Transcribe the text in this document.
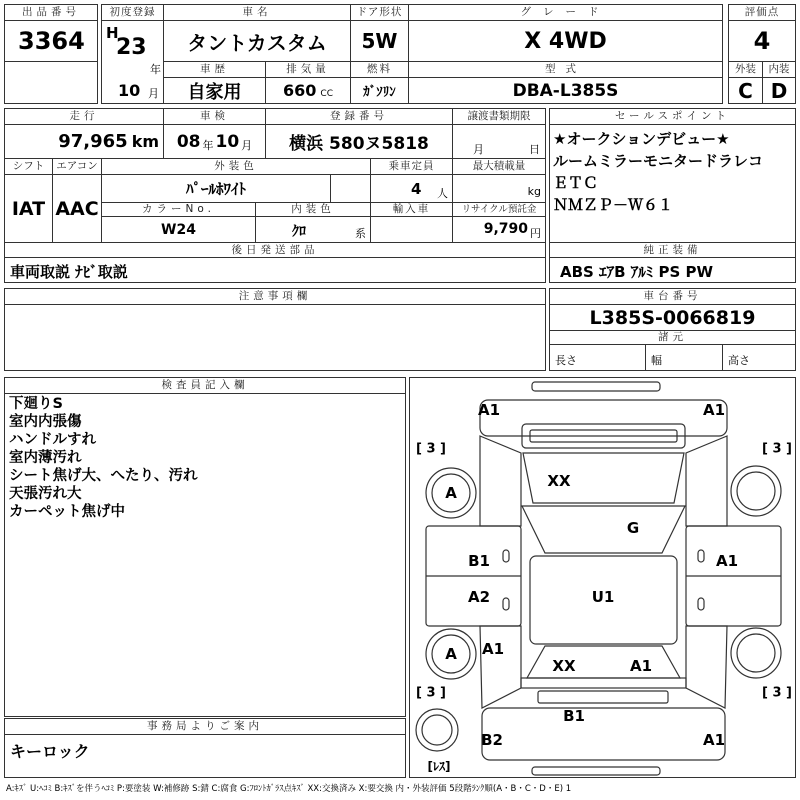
出品番号
3364
初度登録
H
23
年
10 月
車名
タントカスタム
ドア形状
5W
グレード
X 4WD
評価点
4
車歴
自家用
排気量
660 CC
燃料
ｶﾞｿﾘﾝ
型式
DBA-L385S
外装	内装
C D
走行
97,965 km
車検
08 年 10 月
登録番号
横浜 580ヌ5818
譲渡書類期限
月	日
シフト	エアコン
IAT AAC
外装色
ﾊﾟｰﾙﾎﾜｲﾄ
乗車定員
4 人
最大積載量
kg
カラーNo.
W24
内装色
ｸﾛ	系
輸入車	リサイクル預託金
9,790 円
後日発送部品
車両取説 ﾅﾋﾞ取説
セールスポイント
★オークションデビュー★
ルームミラーモニタードラレコ
ＥＴＣ
ＮＭＺＰ－Ｗ６１
純正装備
ABS ｴｱB ｱﾙﾐ PS PW
注意事項欄	車台番号
L385S-0066819
諸元
長さ	幅	高さ
検査員記入欄
下廻りS
室内内張傷
ハンドルすれ
室内薄汚れ
シート焦げ大、へたり、汚れ
天張汚れ大
カーペット焦げ中
事務局よりご案内
キーロック
A1	A1
[ 3 ]	[ 3 ]
A
XX
G
B1	A1
A2	U1
A A1
XX	A1
[ 3 ]	[ 3 ]
B1
B2	A1
[ﾚｽ]
A:ｷｽﾞ U:ﾍｺﾐ B:ｷｽﾞを伴うﾍｺﾐ P:要塗装 W:補修跡 S:錆 C:腐食 G:ﾌﾛﾝﾄｶﾞﾗｽ点ｷｽﾞ XX:交換済み X:要交換 内・外装評価 5段階ﾗﾝｸ順(A・B・C・D・E) 1
